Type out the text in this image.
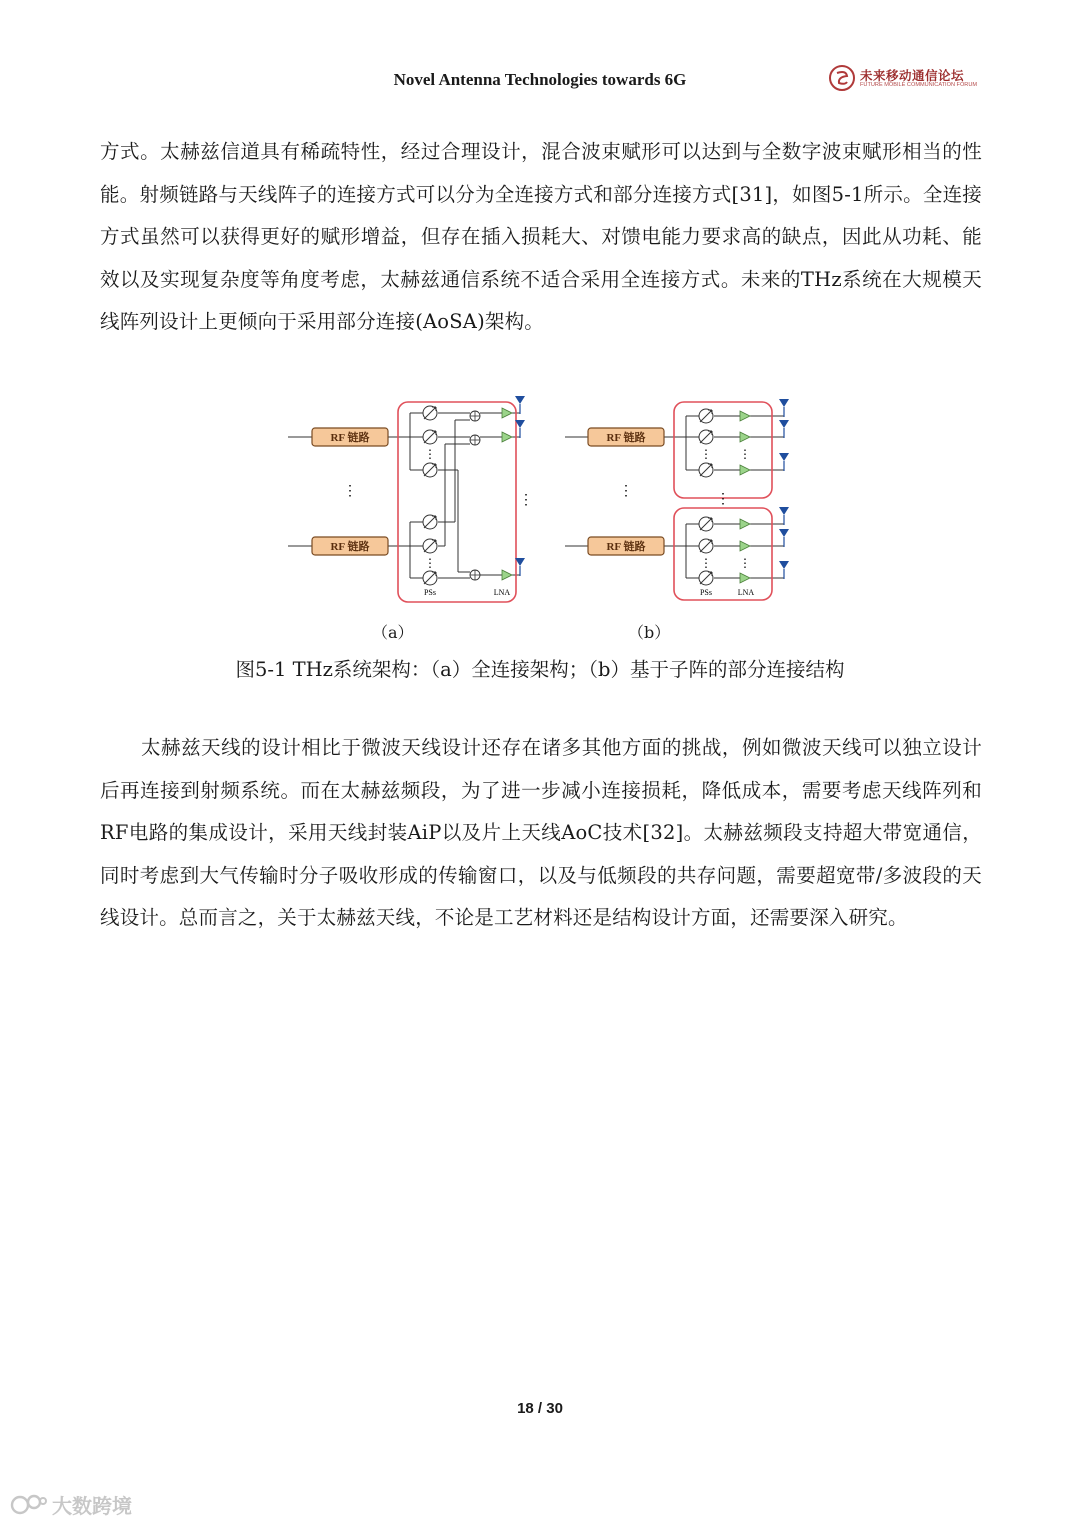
Novel Antenna Technologies towards 6G	未来移动通信论坛
FUTURE MOBILE COMMUNICATION FORUM

方式。太赫兹信道具有稀疏特性，经过合理设计，混合波束赋形可以达到与全数字波束赋形相当的性能。射频链路与天线阵子的连接方式可以分为全连接方式和部分连接方式[31]，如图5-1所示。全连接方式虽然可以获得更好的赋形增益，但存在插入损耗大、对馈电能力要求高的缺点，因此从功耗、能效以及实现复杂度等角度考虑，太赫兹通信系统不适合采用全连接方式。未来的THz系统在大规模天线阵列设计上更倾向于采用部分连接(AoSA)架构。

RF 链路
RF 链路
⋮
⋮
⋮
⋮
PSs	LNA
RF 链路
RF 链路
⋮ ⋮
⋮ ⋮
⋮
⋮
PSs	LNA
（a）	（b）
图5-1 THz系统架构：（a）全连接架构；（b）基于子阵的部分连接结构

太赫兹天线的设计相比于微波天线设计还存在诸多其他方面的挑战，例如微波天线可以独立设计后再连接到射频系统。而在太赫兹频段，为了进一步减小连接损耗，降低成本，需要考虑天线阵列和RF电路的集成设计，采用天线封装AiP以及片上天线AoC技术[32]。太赫兹频段支持超大带宽通信，同时考虑到大气传输时分子吸收形成的传输窗口，以及与低频段的共存问题，需要超宽带/多波段的天线设计。总而言之，关于太赫兹天线，不论是工艺材料还是结构设计方面，还需要深入研究。

18 / 30
大数跨境
